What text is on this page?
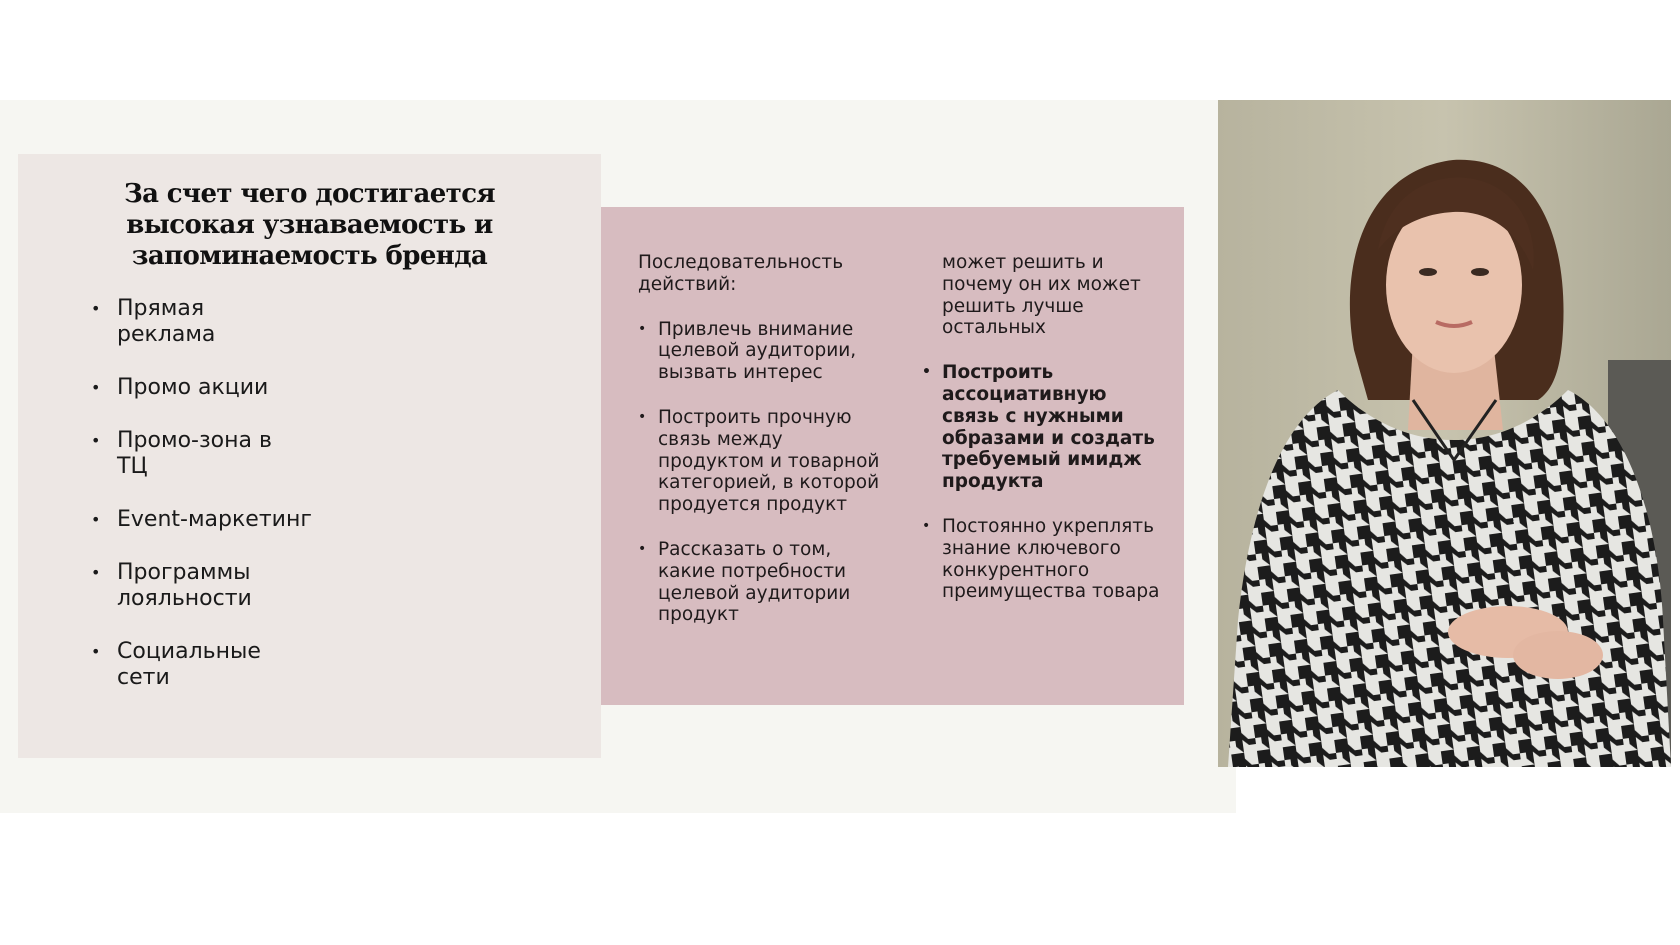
За счет чего достигается высокая узнаваемость и запоминаемость бренда
• Прямая реклама
• Промо акции
• Промо-зона в ТЦ
• Event-маркетинг
• Программы лояльности
• Социальные сети

Последовательность действий:

• Привлечь внимание целевой аудитории, вызвать интерес
• Построить прочную связь между продуктом и товарной категорией, в которой продуется продукт
• Рассказать о том, какие потребности целевой аудитории продукт

может решить и почему он их может решить лучше остальных

• Построить ассоциативную связь с нужными образами и создать требуемый имидж продукта
• Постоянно укреплять знание ключевого конкурентного преимущества товара
